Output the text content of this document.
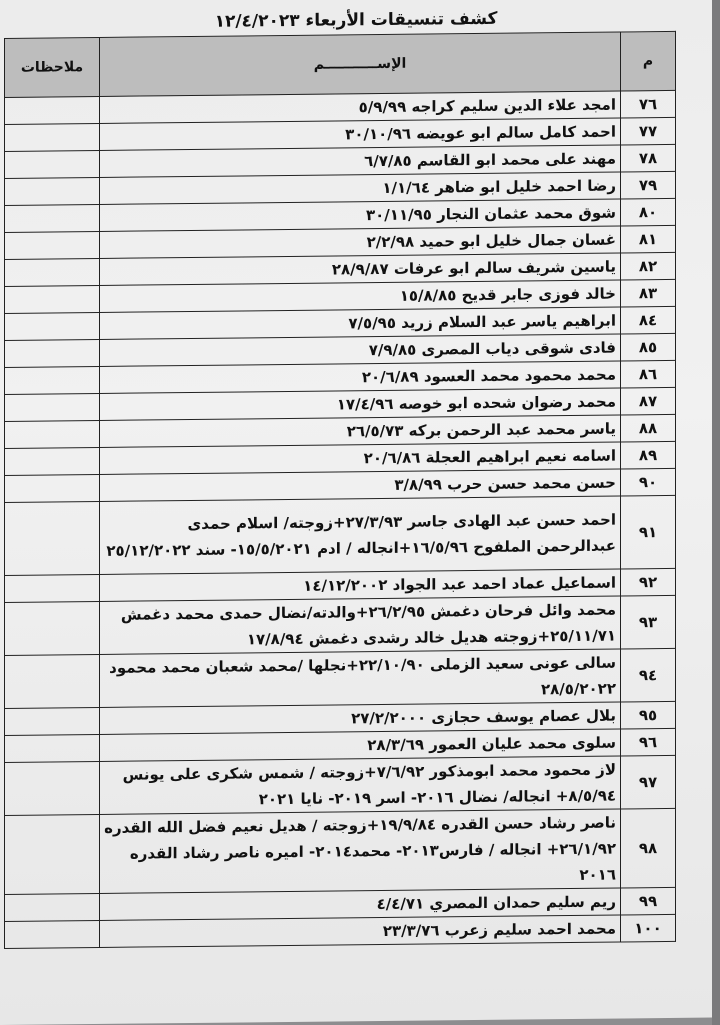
كشف تنسيقات الأربعاء ١٢/٤/٢٠٢٣
م	الإســـــــــــم	ملاحظات
٧٦	امجد علاء الدين سليم كراجه ٥/٩/٩٩	
٧٧	احمد كامل سالم ابو عويضه ٣٠/١٠/٩٦	
٧٨	مهند على محمد ابو القاسم ٦/٧/٨٥	
٧٩	رضا احمد خليل ابو ضاهر ١/١/٦٤	
٨٠	شوق محمد عثمان النجار ٣٠/١١/٩٥	
٨١	غسان جمال خليل ابو حميد ٢/٢/٩٨	
٨٢	ياسين شريف سالم ابو عرفات ٢٨/٩/٨٧	
٨٣	خالد فوزى جابر قديح ١٥/٨/٨٥	
٨٤	ابراهيم ياسر عبد السلام زريد ٧/٥/٩٥	
٨٥	فادى شوقى دياب المصرى ٧/٩/٨٥	
٨٦	محمد محمود محمد العسود ٢٠/٦/٨٩	
٨٧	محمد رضوان شحده ابو خوصه ١٧/٤/٩٦	
٨٨	ياسر محمد عبد الرحمن بركه ٢٦/٥/٧٣	
٨٩	اسامه نعيم ابراهيم العجلة ٢٠/٦/٨٦	
٩٠	حسن محمد حسن حرب ٣/٨/٩٩	
٩١	احمد حسن عبد الهادى جاسر ٢٧/٣/٩٣+زوجته/ اسلام حمدى عبدالرحمن الملفوح ١٦/٥/٩٦+انجاله / ادم ١٥/٥/٢٠٢١- سند ٢٥/١٢/٢٠٢٢	
٩٢	اسماعيل عماد احمد عبد الجواد ١٤/١٢/٢٠٠٢	
٩٣	محمد وائل فرحان دغمش ٢٦/٢/٩٥+والدته/نضال حمدى محمد دغمش ٢٥/١١/٧١+زوجته هديل خالد رشدى دغمش ١٧/٨/٩٤	
٩٤	سالى عونى سعيد الزملى ٢٢/١٠/٩٠+نجلها /محمد شعبان محمد محمود ٢٨/٥/٢٠٢٢	
٩٥	بلال عصام يوسف حجازى ٢٧/٢/٢٠٠٠	
٩٦	سلوى محمد عليان العمور ٢٨/٣/٦٩	
٩٧	لاز محمود محمد ابومذكور ٧/٦/٩٢+زوجته / شمس شكرى على يونس ٨/٥/٩٤+ انجاله/ نضال ٢٠١٦- اسر ٢٠١٩- نايا ٢٠٢١	
٩٨	ناصر رشاد حسن القدره ١٩/٩/٨٤+زوجته / هديل نعيم فضل الله القدره ٢٦/١/٩٢+ انجاله / فارس٢٠١٣- محمد٢٠١٤- اميره ناصر رشاد القدره ٢٠١٦	
٩٩	ريم سليم حمدان المصري ٤/٤/٧١	
١٠٠	محمد احمد سليم زعرب ٢٣/٣/٧٦	
